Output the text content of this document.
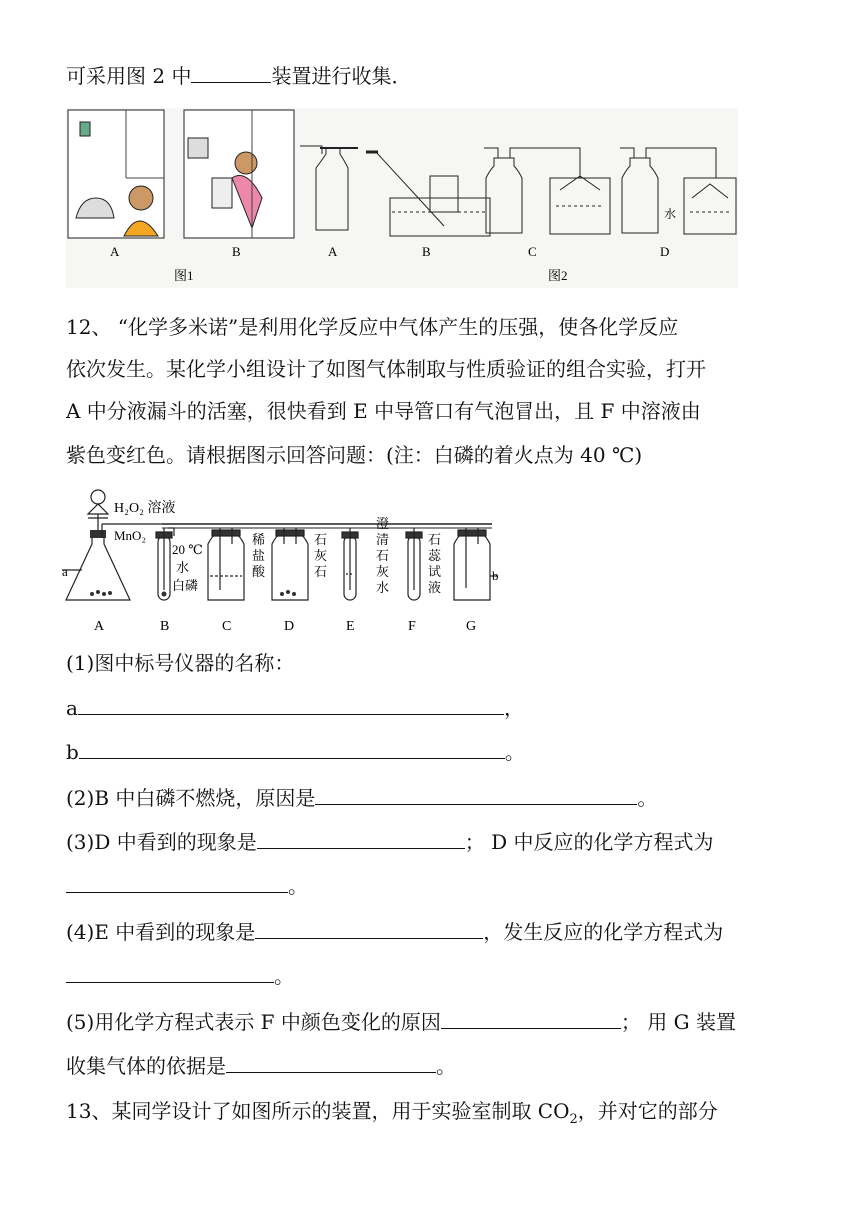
可采用图 2 中	装置进行收集．
A	B
图1
水
A	B	C	D
图2
12、 “化学多米诺”是利用化学反应中气体产生的压强，使各化学反应
依次发生。某化学小组设计了如图气体制取与性质验证的组合实验，打开
A 中分液漏斗的活塞，很快看到 E 中导管口有气泡冒出，且 F 中溶液由
紫色变红色。请根据图示回答问题：(注：白磷的着火点为 40 ℃)
H₂O₂ 溶液
MnO₂
a	b
20 ℃
水
白磷
稀
盐
酸
石
灰
石
澄
清
石
灰
水
石
蕊
试
液
A	B	C	D	E	F	G
(1)图中标号仪器的名称：
a	，
b	。
(2)B 中白磷不燃烧，原因是	。
(3)D 中看到的现象是	； D 中反应的化学方程式为
。
(4)E 中看到的现象是	，发生反应的化学方程式为
。
(5)用化学方程式表示 F 中颜色变化的原因	； 用 G 装置
收集气体的依据是	。
13、某同学设计了如图所示的装置，用于实验室制取 $CO_2$，并对它的部分
